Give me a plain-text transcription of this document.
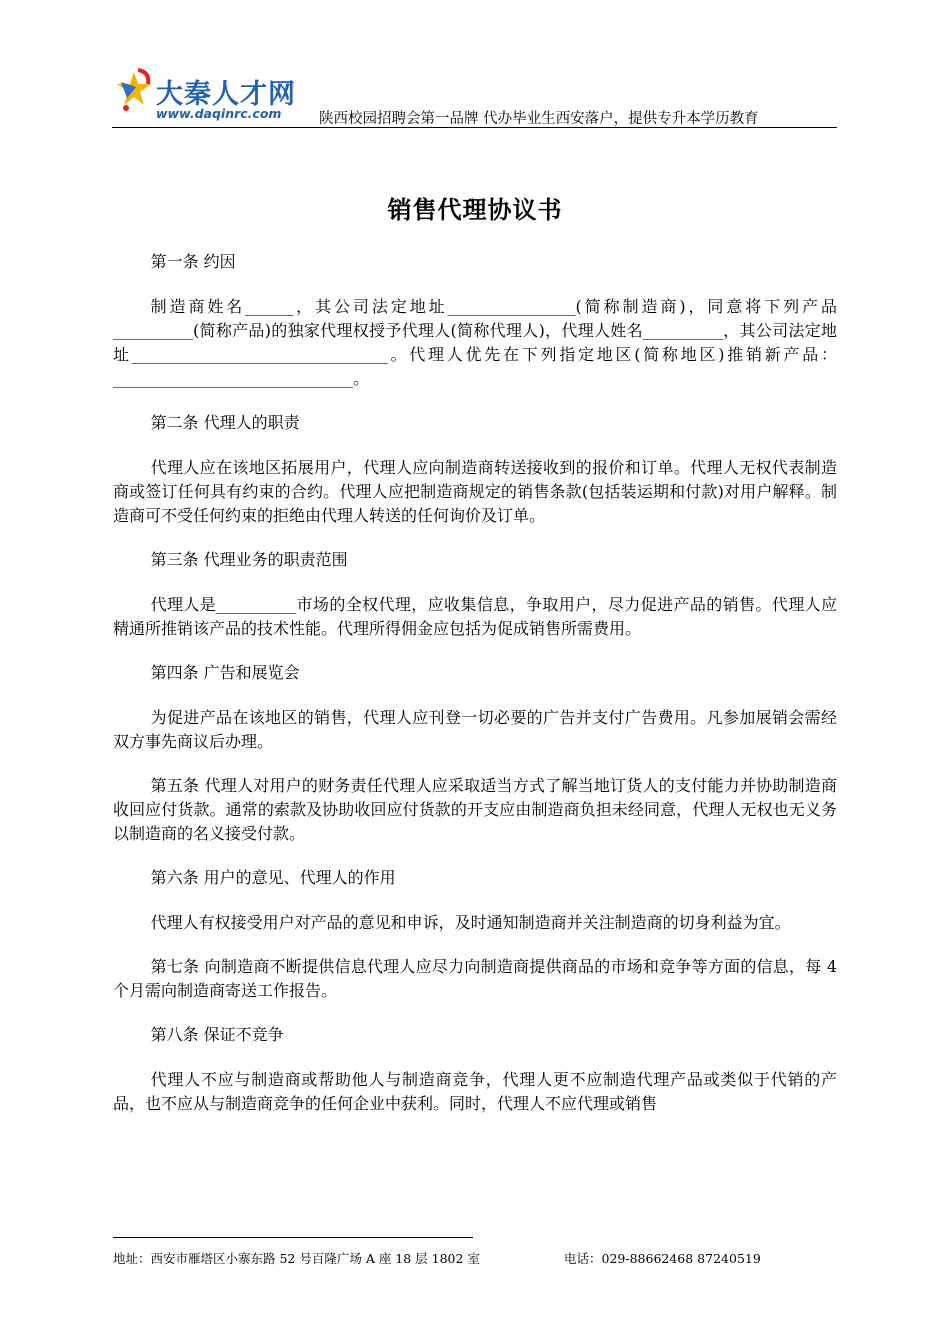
大秦人才网
www.daqinrc.com	陕西校园招聘会第一品牌 代办毕业生西安落户，提供专升本学历教育
销售代理协议书

第一条 约因

制造商姓名______，其公司法定地址________________(简称制造商)，同意将下列产品__________(简称产品)的独家代理权授予代理人(简称代理人)，代理人姓名__________，其公司法定地址________________________________。代理人优先在下列指定地区(简称地区)推销新产品：______________________________。

第二条 代理人的职责

代理人应在该地区拓展用户，代理人应向制造商转送接收到的报价和订单。代理人无权代表制造商或签订任何具有约束的合约。代理人应把制造商规定的销售条款(包括装运期和付款)对用户解释。制造商可不受任何约束的拒绝由代理人转送的任何询价及订单。

第三条 代理业务的职责范围

代理人是__________市场的全权代理，应收集信息，争取用户，尽力促进产品的销售。代理人应精通所推销该产品的技术性能。代理所得佣金应包括为促成销售所需费用。

第四条 广告和展览会

为促进产品在该地区的销售，代理人应刊登一切必要的广告并支付广告费用。凡参加展销会需经双方事先商议后办理。

第五条 代理人对用户的财务责任代理人应采取适当方式了解当地订货人的支付能力并协助制造商收回应付货款。通常的索款及协助收回应付货款的开支应由制造商负担未经同意，代理人无权也无义务以制造商的名义接受付款。

第六条 用户的意见、代理人的作用

代理人有权接受用户对产品的意见和申诉，及时通知制造商并关注制造商的切身利益为宜。

第七条 向制造商不断提供信息代理人应尽力向制造商提供商品的市场和竞争等方面的信息，每 4 个月需向制造商寄送工作报告。

第八条 保证不竞争

代理人不应与制造商或帮助他人与制造商竞争，代理人更不应制造代理产品或类似于代销的产品，也不应从与制造商竞争的任何企业中获利。同时，代理人不应代理或销售

地址：西安市雁塔区小寨东路 52 号百隆广场 A 座 18 层 1802 室	电话：029-88662468 87240519
